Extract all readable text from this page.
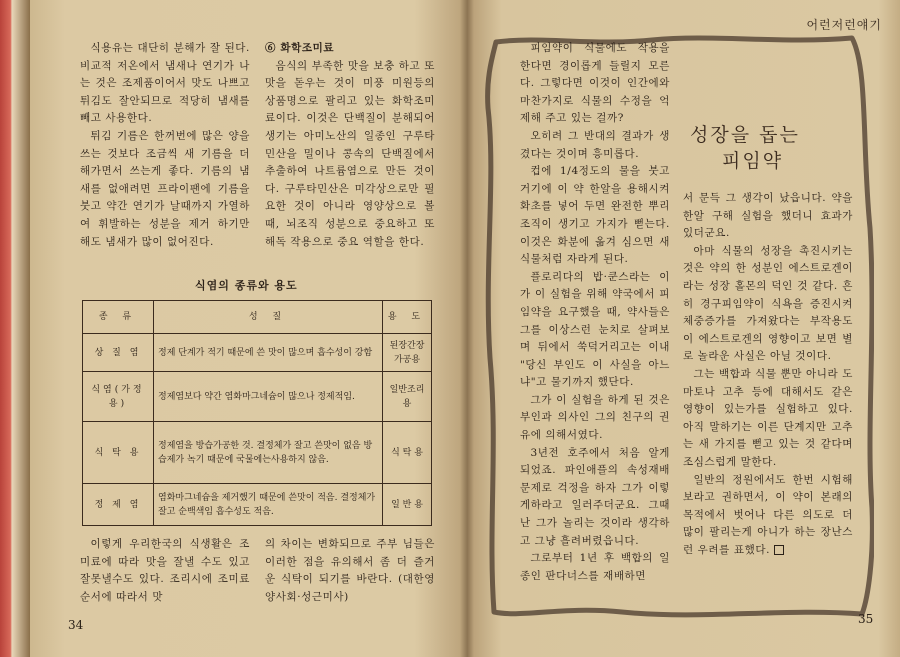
식용유는 대단히 분해가 잘 된다. 비교적 저온에서 냄새나 연기가 나는 것은 조제품이어서 맛도 나쁘고 튀김도 잘안되므로 적당히 냄새를 빼고 사용한다.

튀김 기름은 한꺼번에 많은 양을 쓰는 것보다 조금씩 새 기름을 더해가면서 쓰는게 좋다. 기름의 냄새를 없애려면 프라이팬에 기름을 붓고 약간 연기가 날때까지 가열하여 휘발하는 성분을 제거 하기만 해도 냄새가 많이 없어진다.

⑥ 화학조미료

음식의 부족한 맛을 보충 하고 또 맛을 돋우는 것이 미풍 미원등의 상품명으로 팔리고 있는 화학조미료이다. 이것은 단백질이 분해되어 생기는 아미노산의 일종인 구루타민산을 밀이나 콩속의 단백질에서 추출하여 나트륨염으로 만든 것이다. 구루타민산은 미각상으로만 필요한 것이 아니라 영양상으로 볼때, 뇌조직 성분으로 중요하고 또 해독 작용으로 중요 역할을 한다.

식염의 종류와 용도
종 류	성 질	용 도
상 질 염	정제 단계가 적기 때문에 쓴 맛이 많으며 흡수성이 강함	된장간장 가공용
식염(가정용)	정제염보다 약간 염화마그네슘이 많으나 정제적임.	일반조리용
식 탁 용	정제염을 방습가공한 것. 결정체가 잘고 쓴맛이 없음 방습제가 녹기 때문에 국물에는사용하지 않음.	식 탁 용
정 제 염	염화마그네슘을 제거했기 때문에 쓴맛이 적음. 결정체가 잘고 순백색임 흡수성도 적음.	일 반 용

이렇게 우리한국의 식생활은 조미료에 따라 맛을 잘낼 수도 있고 잘못낼수도 있다. 조리시에 조미료 순서에 따라서 맛

의 차이는 변화되므로 주부 님들은 이러한 점을 유의해서 좀 더 즐거운 식탁이 되기를 바란다. (대한영양사회·성근미사)

34
어런저런얘기

피임약이 식물에도 작용을 한다면 경이롭게 들릴지 모른다. 그렇다면 이것이 인간에와 마찬가지로 식물의 수정을 억제해 주고 있는 걸까?

오히려 그 반대의 결과가 생겼다는 것이며 흥미롭다.

컵에 1/4정도의 물을 붓고 거기에 이 약 한알을 용해시켜 화초를 넣어 두면 완전한 뿌리조직이 생기고 가지가 뻗는다. 이것은 화분에 옮겨 심으면 새식물처럼 자라게 된다.

플로리다의 밥·쿤스라는 이가 이 실험을 위해 약국에서 피임약을 요구했을 때, 약사들은 그를 이상스런 눈치로 살펴보며 뒤에서 쑥덕거리고는 이내 "당신 부인도 이 사실을 아느냐"고 물기까지 했단다.

그가 이 실험을 하게 된 것은 부인과 의사인 그의 친구의 권유에 의해서였다.

3년전 호주에서 처음 알게 되었죠. 파인애플의 속성재배 문제로 걱정을 하자 그가 이렇게하라고 일러주더군요. 그때 난 그가 놀리는 것이라 생각하고 그냥 흘려버렸읍니다.

그로부터 1년 후 백합의 일종인 판다너스를 재배하면

성장을 돕는
피임약

서 문득 그 생각이 났읍니다. 약을 한알 구해 실험을 했더니 효과가 있더군요.

아마 식물의 성장을 촉진시키는 것은 약의 한 성분인 에스트로겐이라는 성장 홀몬의 덕인 것 같다. 흔히 경구피임약이 식욕을 증진시켜 체중증가를 가져왔다는 부작용도 이 에스트로겐의 영향이고 보면 별로 놀라운 사실은 아닐 것이다.

그는 백합과 식물 뿐만 아니라 도마토나 고추 등에 대해서도 같은 영향이 있는가를 실험하고 있다. 아직 말하기는 이른 단계지만 고추는 새 가지를 뻗고 있는 것 같다며 조심스럽게 말한다.

일반의 정원에서도 한번 시험해 보라고 권하면서, 이 약이 본래의 목적에서 벗어나 다른 의도로 더 많이 팔리는게 아니가 하는 장난스런 우려를 표했다.

35
